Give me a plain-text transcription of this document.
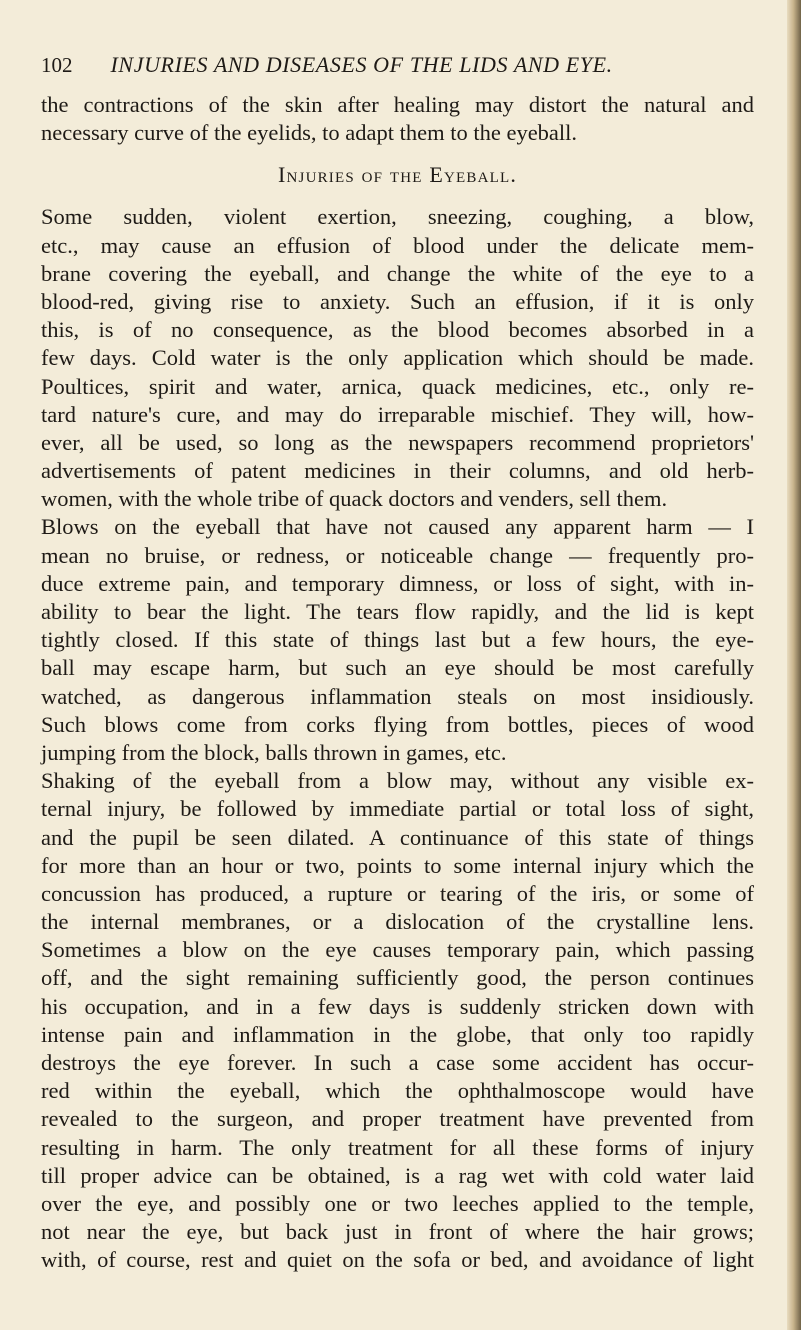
102 INJURIES AND DISEASES OF THE LIDS AND EYE.
the contractions of the skin after healing may distort the natural and
necessary curve of the eyelids, to adapt them to the eyeball.
Injuries of the Eyeball.
Some sudden, violent exertion, sneezing, coughing, a blow,
etc., may cause an effusion of blood under the delicate mem-
brane covering the eyeball, and change the white of the eye to a
blood-red, giving rise to anxiety. Such an effusion, if it is only
this, is of no consequence, as the blood becomes absorbed in a
few days. Cold water is the only application which should be made.
Poultices, spirit and water, arnica, quack medicines, etc., only re-
tard nature's cure, and may do irreparable mischief. They will, how-
ever, all be used, so long as the newspapers recommend proprietors'
advertisements of patent medicines in their columns, and old herb-
women, with the whole tribe of quack doctors and venders, sell them.
Blows on the eyeball that have not caused any apparent harm — I
mean no bruise, or redness, or noticeable change — frequently pro-
duce extreme pain, and temporary dimness, or loss of sight, with in-
ability to bear the light. The tears flow rapidly, and the lid is kept
tightly closed. If this state of things last but a few hours, the eye-
ball may escape harm, but such an eye should be most carefully
watched, as dangerous inflammation steals on most insidiously.
Such blows come from corks flying from bottles, pieces of wood
jumping from the block, balls thrown in games, etc.
Shaking of the eyeball from a blow may, without any visible ex-
ternal injury, be followed by immediate partial or total loss of sight,
and the pupil be seen dilated. A continuance of this state of things
for more than an hour or two, points to some internal injury which the
concussion has produced, a rupture or tearing of the iris, or some of
the internal membranes, or a dislocation of the crystalline lens.
Sometimes a blow on the eye causes temporary pain, which passing
off, and the sight remaining sufficiently good, the person continues
his occupation, and in a few days is suddenly stricken down with
intense pain and inflammation in the globe, that only too rapidly
destroys the eye forever. In such a case some accident has occur-
red within the eyeball, which the ophthalmoscope would have
revealed to the surgeon, and proper treatment have prevented from
resulting in harm. The only treatment for all these forms of injury
till proper advice can be obtained, is a rag wet with cold water laid
over the eye, and possibly one or two leeches applied to the temple,
not near the eye, but back just in front of where the hair grows;
with, of course, rest and quiet on the sofa or bed, and avoidance of light
